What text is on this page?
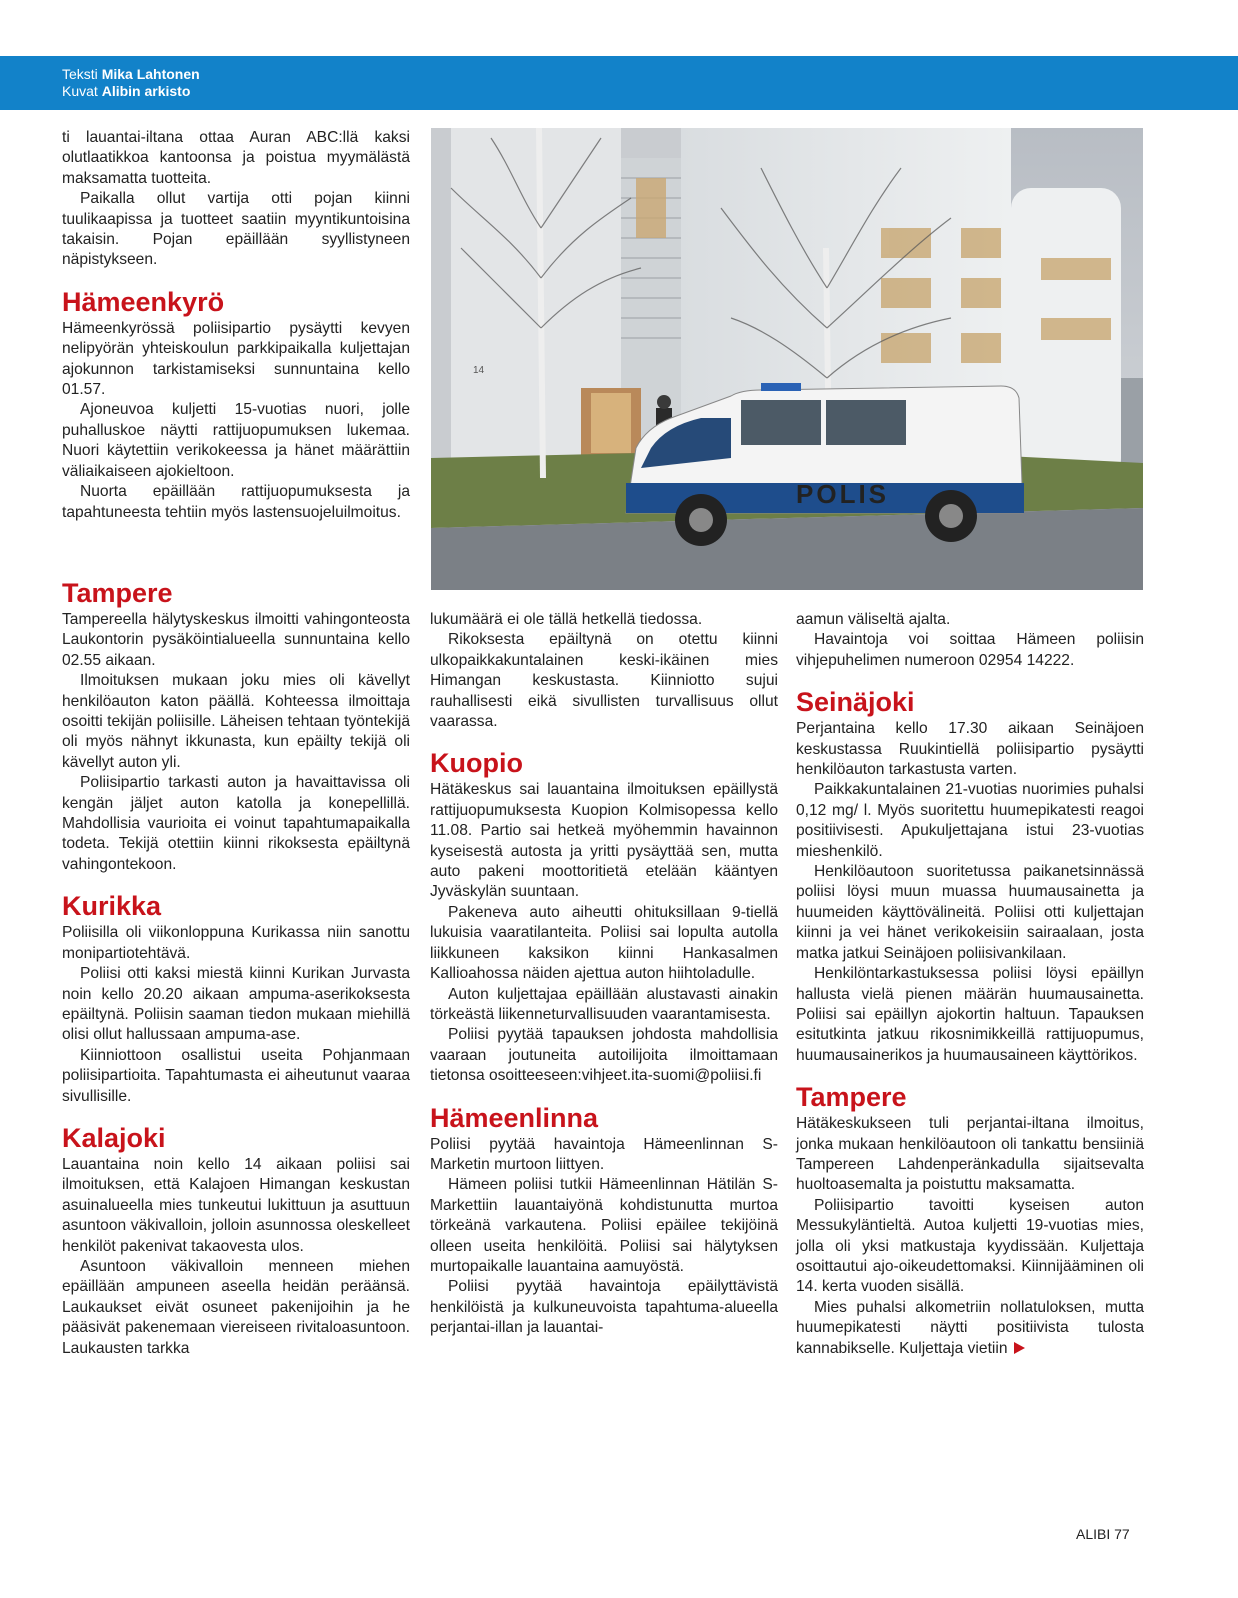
Teksti Mika Lahtonen
Kuvat Alibin arkisto

ti lauantai-iltana ottaa Auran ABC:llä kaksi olutlaatikkoa kantoonsa ja poistua myymälästä maksamatta tuotteita.

Paikalla ollut vartija otti pojan kiinni tuulikaapissa ja tuotteet saatiin myyntikuntoisina takaisin. Pojan epäillään syyllistyneen näpistykseen.

Hämeenkyrö

Hämeenkyrössä poliisipartio pysäytti kevyen nelipyörän yhteiskoulun parkkipaikalla kuljettajan ajokunnon tarkistamiseksi sunnuntaina kello 01.57.

Ajoneuvoa kuljetti 15-vuotias nuori, jolle puhalluskoe näytti rattijuopumuksen lukemaa. Nuori käytettiin verikokeessa ja hänet määrättiin väliaikaiseen ajokieltoon.

Nuorta epäillään rattijuopumuksesta ja tapahtuneesta tehtiin myös lastensuojeluilmoitus.

Tampere

Tampereella hälytyskeskus ilmoitti vahingonteosta Laukontorin pysäköintialueella sunnuntaina kello 02.55 aikaan.

Ilmoituksen mukaan joku mies oli kävellyt henkilöauton katon päällä. Kohteessa ilmoittaja osoitti tekijän poliisille. Läheisen tehtaan työntekijä oli myös nähnyt ikkunasta, kun epäilty tekijä oli kävellyt auton yli.

Poliisipartio tarkasti auton ja havaittavissa oli kengän jäljet auton katolla ja konepellillä. Mahdollisia vaurioita ei voinut tapahtumapaikalla todeta. Tekijä otettiin kiinni rikoksesta epäiltynä vahingontekoon.

Kurikka

Poliisilla oli viikonloppuna Kurikassa niin sanottu monipartiotehtävä.

Poliisi otti kaksi miestä kiinni Kurikan Jurvasta noin kello 20.20 aikaan ampuma-aserikoksesta epäiltynä. Poliisin saaman tiedon mukaan miehillä olisi ollut hallussaan ampuma-ase.

Kiinniottoon osallistui useita Pohjanmaan poliisipartioita. Tapahtumasta ei aiheutunut vaaraa sivullisille.

Kalajoki

Lauantaina noin kello 14 aikaan poliisi sai ilmoituksen, että Kalajoen Himangan keskustan asuinalueella mies tunkeutui lukittuun ja asuttuun asuntoon väkivalloin, jolloin asunnossa oleskelleet henkilöt pakenivat takaovesta ulos.

Asuntoon väkivalloin menneen miehen epäillään ampuneen aseella heidän peräänsä. Laukaukset eivät osuneet pakenijoihin ja he pääsivät pakenemaan viereiseen rivitaloasuntoon. Laukausten tarkka

14
POLIS

lukumäärä ei ole tällä hetkellä tiedossa.

Rikoksesta epäiltynä on otettu kiinni ulkopaikkakuntalainen keski-ikäinen mies Himangan keskustasta. Kiinniotto sujui rauhallisesti eikä sivullisten turvallisuus ollut vaarassa.

Kuopio

Hätäkeskus sai lauantaina ilmoituksen epäillystä rattijuopumuksesta Kuopion Kolmisopessa kello 11.08. Partio sai hetkeä myöhemmin havainnon kyseisestä autosta ja yritti pysäyttää sen, mutta auto pakeni moottoritietä etelään kääntyen Jyväskylän suuntaan.

Pakeneva auto aiheutti ohituksillaan 9-tiellä lukuisia vaaratilanteita. Poliisi sai lopulta autolla liikkuneen kaksikon kiinni Hankasalmen Kallioahossa näiden ajettua auton hiihtoladulle.

Auton kuljettajaa epäillään alustavasti ainakin törkeästä liikenneturvallisuuden vaarantamisesta.

Poliisi pyytää tapauksen johdosta mahdollisia vaaraan joutuneita autoilijoita ilmoittamaan tietonsa osoitteeseen:vihjeet.ita-suomi@poliisi.fi

Hämeenlinna

Poliisi pyytää havaintoja Hämeenlinnan S-Marketin murtoon liittyen.

Hämeen poliisi tutkii Hämeenlinnan Hätilän S-Markettiin lauantaiyönä kohdistunutta murtoa törkeänä varkautena. Poliisi epäilee tekijöinä olleen useita henkilöitä. Poliisi sai hälytyksen murtopaikalle lauantaina aamuyöstä.

Poliisi pyytää havaintoja epäilyttävistä henkilöistä ja kulkuneuvoista tapahtuma-alueella perjantai-illan ja lauantai-

aamun väliseltä ajalta.

Havaintoja voi soittaa Hämeen poliisin vihjepuhelimen numeroon 02954 14222.

Seinäjoki

Perjantaina kello 17.30 aikaan Seinäjoen keskustassa Ruukintiellä poliisipartio pysäytti henkilöauton tarkastusta varten.

Paikkakuntalainen 21-vuotias nuorimies puhalsi 0,12 mg/ l. Myös suoritettu huumepikatesti reagoi positiivisesti. Apukuljettajana istui 23-vuotias mieshenkilö.

Henkilöautoon suoritetussa paikanetsinnässä poliisi löysi muun muassa huumausainetta ja huumeiden käyttövälineitä. Poliisi otti kuljettajan kiinni ja vei hänet verikokeisiin sairaalaan, josta matka jatkui Seinäjoen poliisivankilaan.

Henkilöntarkastuksessa poliisi löysi epäillyn hallusta vielä pienen määrän huumausainetta. Poliisi sai epäillyn ajokortin haltuun. Tapauksen esitutkinta jatkuu rikosnimikkeillä rattijuopumus, huumausainerikos ja huumausaineen käyttörikos.

Tampere

Hätäkeskukseen tuli perjantai-iltana ilmoitus, jonka mukaan henkilöautoon oli tankattu bensiiniä Tampereen Lahdenperänkadulla sijaitsevalta huoltoasemalta ja poistuttu maksamatta.

Poliisipartio tavoitti kyseisen auton Messukyläntieltä. Autoa kuljetti 19-vuotias mies, jolla oli yksi matkustaja kyydissään. Kuljettaja osoittautui ajo-oikeudettomaksi. Kiinnijääminen oli 14. kerta vuoden sisällä.

Mies puhalsi alkometriin nollatuloksen, mutta huumepikatesti näytti positiivista tulosta kannabikselle. Kuljettaja vietiin

ALIBI 77
